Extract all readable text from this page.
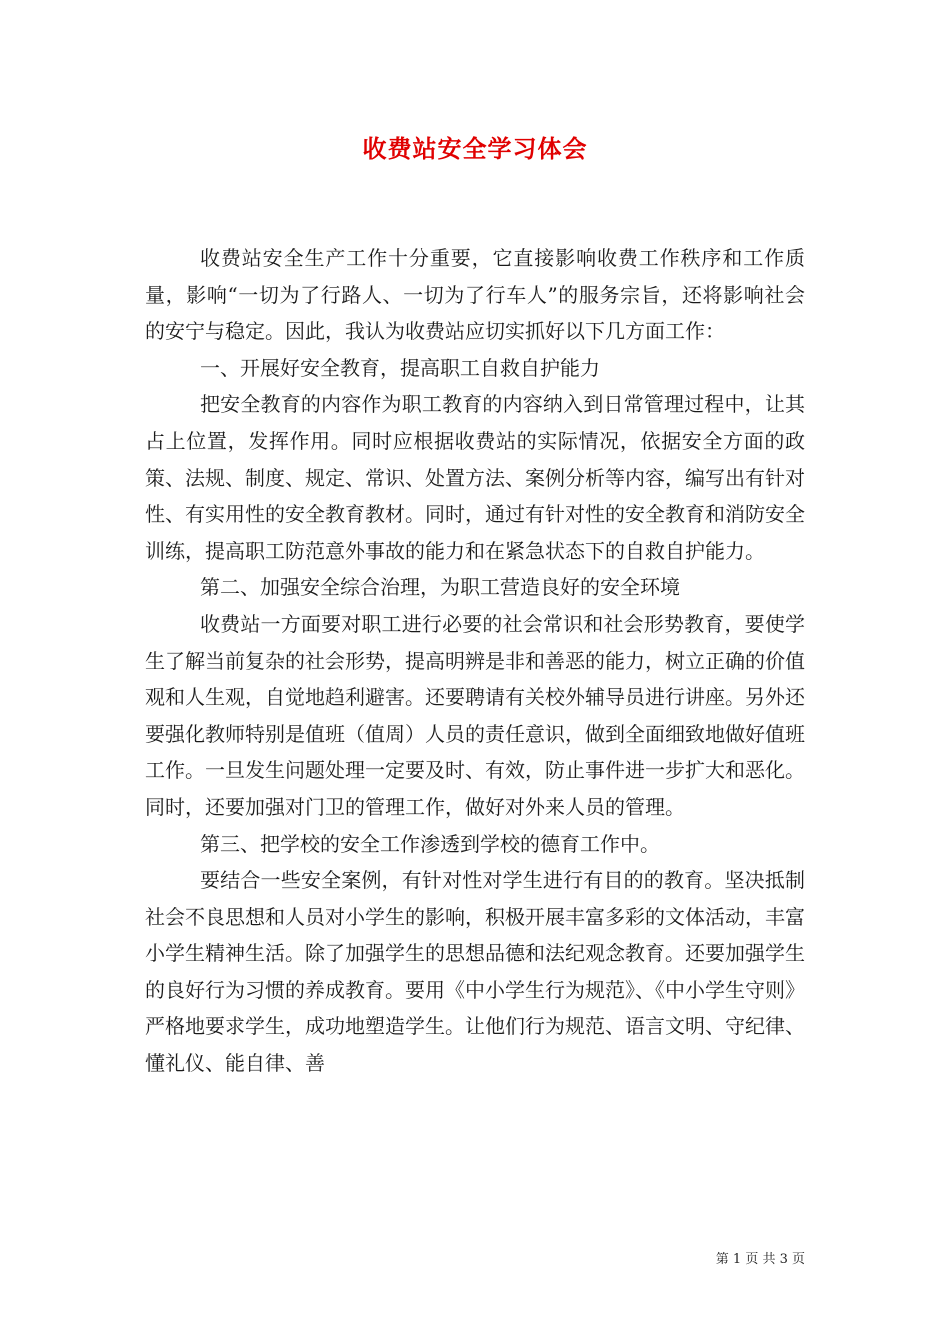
收费站安全学习体会

收费站安全生产工作十分重要，它直接影响收费工作秩序和工作质量，影响“一切为了行路人、一切为了行车人”的服务宗旨，还将影响社会的安宁与稳定。因此，我认为收费站应切实抓好以下几方面工作：

一、开展好安全教育，提高职工自救自护能力

把安全教育的内容作为职工教育的内容纳入到日常管理过程中，让其占上位置，发挥作用。同时应根据收费站的实际情况，依据安全方面的政策、法规、制度、规定、常识、处置方法、案例分析等内容，编写出有针对性、有实用性的安全教育教材。同时，通过有针对性的安全教育和消防安全训练，提高职工防范意外事故的能力和在紧急状态下的自救自护能力。

第二、加强安全综合治理，为职工营造良好的安全环境

收费站一方面要对职工进行必要的社会常识和社会形势教育，要使学生了解当前复杂的社会形势，提高明辨是非和善恶的能力，树立正确的价值观和人生观，自觉地趋利避害。还要聘请有关校外辅导员进行讲座。另外还要强化教师特别是值班（值周）人员的责任意识，做到全面细致地做好值班工作。一旦发生问题处理一定要及时、有效，防止事件进一步扩大和恶化。同时，还要加强对门卫的管理工作，做好对外来人员的管理。

第三、把学校的安全工作渗透到学校的德育工作中。

要结合一些安全案例，有针对性对学生进行有目的的教育。坚决抵制社会不良思想和人员对小学生的影响，积极开展丰富多彩的文体活动，丰富小学生精神生活。除了加强学生的思想品德和法纪观念教育。还要加强学生的良好行为习惯的养成教育。要用《中小学生行为规范》、《中小学生守则》严格地要求学生，成功地塑造学生。让他们行为规范、语言文明、守纪律、懂礼仪、能自律、善

第 1 页 共 3 页
